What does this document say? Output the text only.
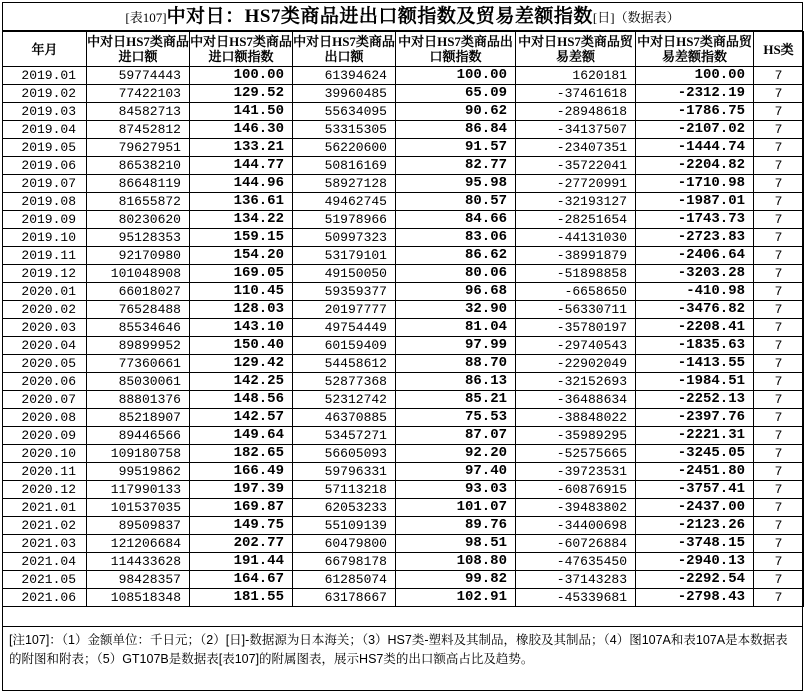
[表107]中对日：HS7类商品进出口额指数及贸易差额指数[日]（数据表）
年月	中对日HS7类商品进口额	中对日HS7类商品进口额指数	中对日HS7类商品出口额	中对日HS7类商品出口额指数	中对日HS7类商品贸易差额	中对日HS7类商品贸易差额指数	HS类
2019.01	59774443	100.00	61394624	100.00	1620181	100.00	7
2019.02	77422103	129.52	39960485	65.09	-37461618	-2312.19	7
2019.03	84582713	141.50	55634095	90.62	-28948618	-1786.75	7
2019.04	87452812	146.30	53315305	86.84	-34137507	-2107.02	7
2019.05	79627951	133.21	56220600	91.57	-23407351	-1444.74	7
2019.06	86538210	144.77	50816169	82.77	-35722041	-2204.82	7
2019.07	86648119	144.96	58927128	95.98	-27720991	-1710.98	7
2019.08	81655872	136.61	49462745	80.57	-32193127	-1987.01	7
2019.09	80230620	134.22	51978966	84.66	-28251654	-1743.73	7
2019.10	95128353	159.15	50997323	83.06	-44131030	-2723.83	7
2019.11	92170980	154.20	53179101	86.62	-38991879	-2406.64	7
2019.12	101048908	169.05	49150050	80.06	-51898858	-3203.28	7
2020.01	66018027	110.45	59359377	96.68	-6658650	-410.98	7
2020.02	76528488	128.03	20197777	32.90	-56330711	-3476.82	7
2020.03	85534646	143.10	49754449	81.04	-35780197	-2208.41	7
2020.04	89899952	150.40	60159409	97.99	-29740543	-1835.63	7
2020.05	77360661	129.42	54458612	88.70	-22902049	-1413.55	7
2020.06	85030061	142.25	52877368	86.13	-32152693	-1984.51	7
2020.07	88801376	148.56	52312742	85.21	-36488634	-2252.13	7
2020.08	85218907	142.57	46370885	75.53	-38848022	-2397.76	7
2020.09	89446566	149.64	53457271	87.07	-35989295	-2221.31	7
2020.10	109180758	182.65	56605093	92.20	-52575665	-3245.05	7
2020.11	99519862	166.49	59796331	97.40	-39723531	-2451.80	7
2020.12	117990133	197.39	57113218	93.03	-60876915	-3757.41	7
2021.01	101537035	169.87	62053233	101.07	-39483802	-2437.00	7
2021.02	89509837	149.75	55109139	89.76	-34400698	-2123.26	7
2021.03	121206684	202.77	60479800	98.51	-60726884	-3748.15	7
2021.04	114433628	191.44	66798178	108.80	-47635450	-2940.13	7
2021.05	98428357	164.67	61285074	99.82	-37143283	-2292.54	7
2021.06	108518348	181.55	63178667	102.91	-45339681	-2798.43	7
[注107]：（1）金额单位：千日元；（2）[日]-数据源为日本海关；（3）HS7类-塑料及其制品，橡胶及其制品；（4）图107A和表107A是本数据表的附图和附表；（5）GT107B是数据表[表107]的附属图表，展示HS7类的出口额高占比及趋势。
